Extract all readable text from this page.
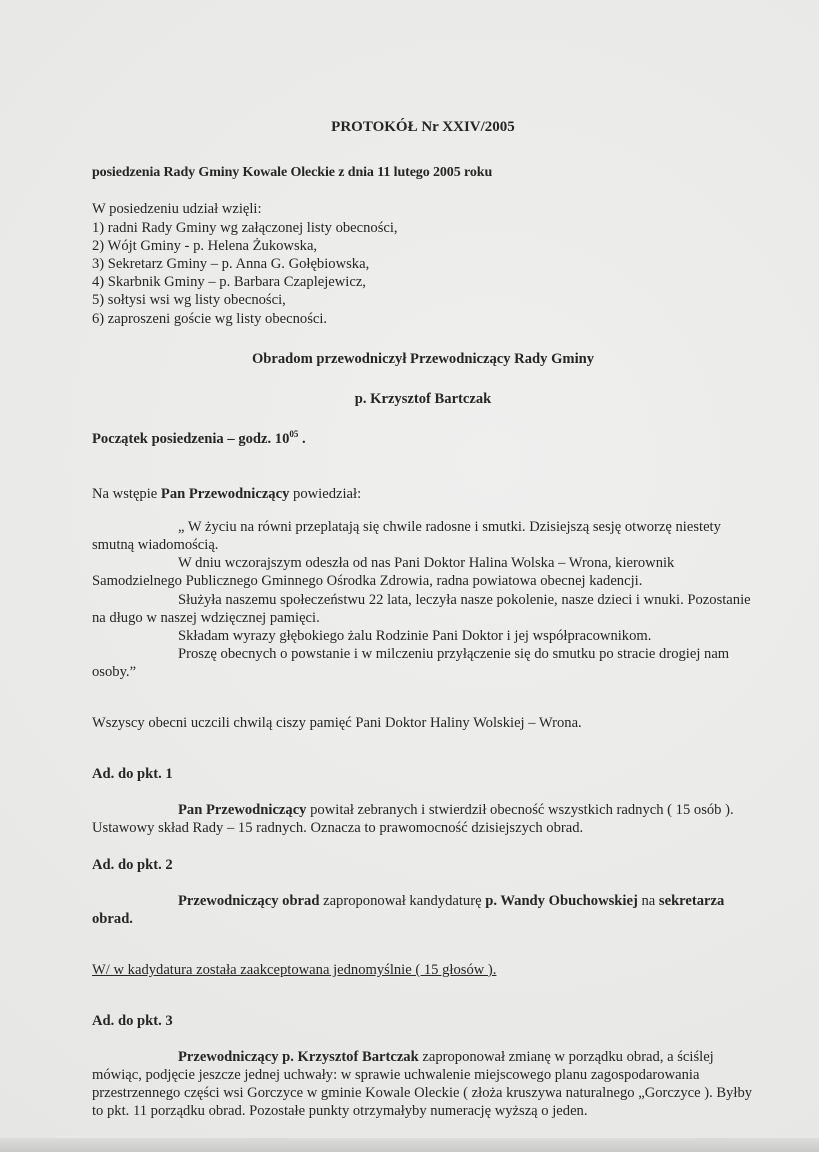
PROTOKÓŁ Nr XXIV/2005

posiedzenia Rady Gminy Kowale Oleckie z dnia 11 lutego 2005 roku

W posiedzeniu udział wzięli:

1) radni Rady Gminy wg załączonej listy obecności,

2) Wójt Gminy - p. Helena Żukowska,

3) Sekretarz Gminy – p. Anna G. Gołębiowska,

4) Skarbnik Gminy – p. Barbara Czaplejewicz,

5) sołtysi wsi wg listy obecności,

6) zaproszeni goście wg listy obecności.

Obradom przewodniczył Przewodniczący Rady Gminy

p. Krzysztof Bartczak

Początek posiedzenia – godz. $10^{05}$ .

Na wstępie Pan Przewodniczący powiedział:

„ W życiu na równi przeplatają się chwile radosne i smutki. Dzisiejszą sesję otworzę niestety smutną wiadomością.

W dniu wczorajszym odeszła od nas Pani Doktor Halina Wolska – Wrona, kierownik Samodzielnego Publicznego Gminnego Ośrodka Zdrowia, radna powiatowa obecnej kadencji.

Służyła naszemu społeczeństwu 22 lata, leczyła nasze pokolenie, nasze dzieci i wnuki. Pozostanie na długo w naszej wdzięcznej pamięci.

Składam wyrazy głębokiego żalu Rodzinie Pani Doktor i jej współpracownikom.

Proszę obecnych o powstanie i w milczeniu przyłączenie się do smutku po stracie drogiej nam osoby.”

Wszyscy obecni uczcili chwilą ciszy pamięć Pani Doktor Haliny Wolskiej – Wrona.

Ad. do pkt. 1

Pan Przewodniczący powitał zebranych i stwierdził obecność wszystkich radnych ( 15 osób ). Ustawowy skład Rady – 15 radnych. Oznacza to prawomocność dzisiejszych obrad.

Ad. do pkt. 2

Przewodniczący obrad zaproponował kandydaturę p. Wandy Obuchowskiej na sekretarza obrad.

W/ w kadydatura została zaakceptowana jednomyślnie ( 15 głosów ).

Ad. do pkt. 3

Przewodniczący p. Krzysztof Bartczak zaproponował zmianę w porządku obrad, a ściślej mówiąc, podjęcie jeszcze jednej uchwały: w sprawie uchwalenie miejscowego planu zagospodarowania przestrzennego części wsi Gorczyce w gminie Kowale Oleckie ( złoża kruszywa naturalnego „Gorczyce ). Byłby to pkt. 11 porządku obrad. Pozostałe punkty otrzymałyby numerację wyższą o jeden.
